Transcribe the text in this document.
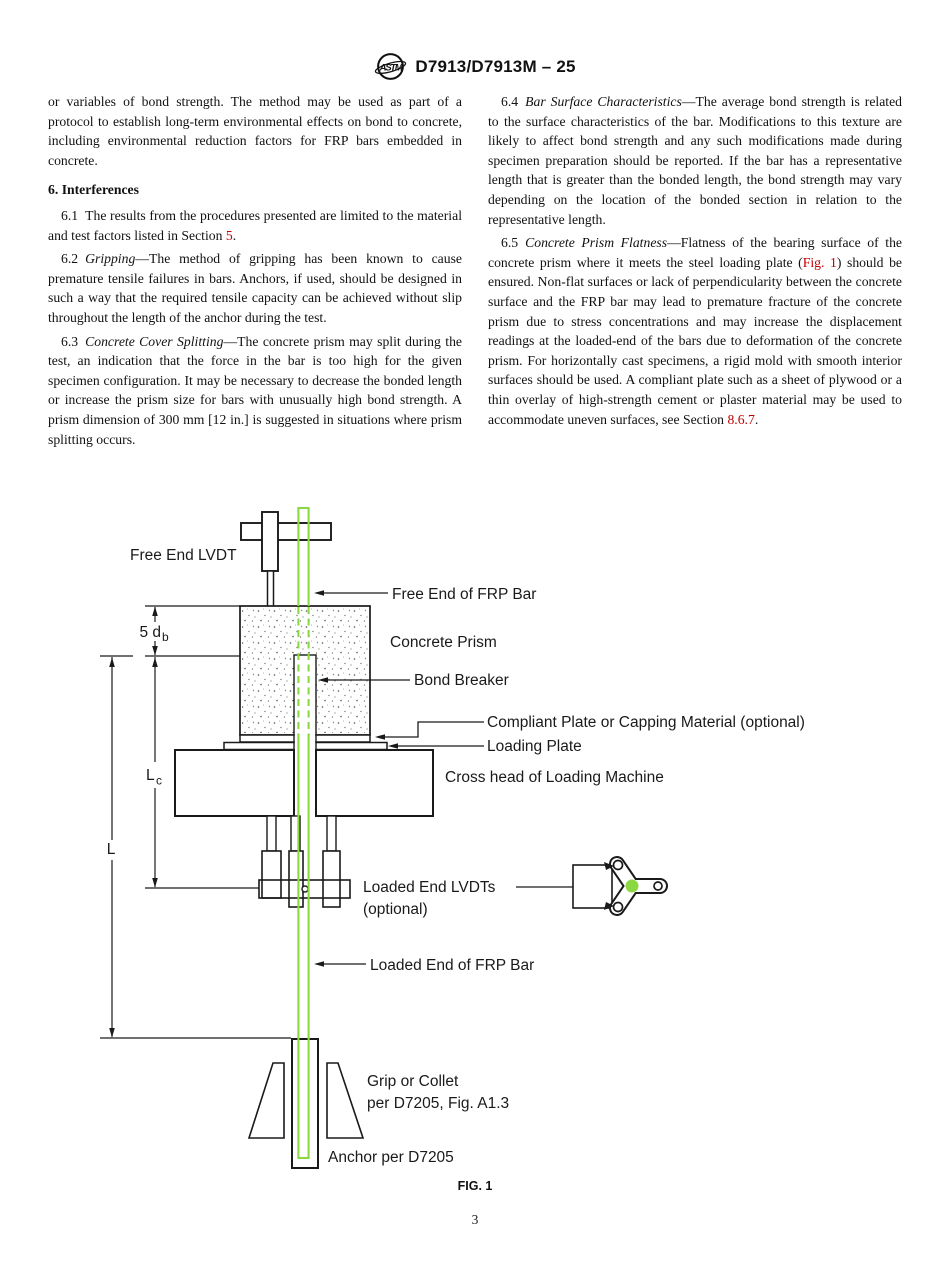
ASTM D7913/D7913M – 25

or variables of bond strength. The method may be used as part of a protocol to establish long-term environmental effects on bond to concrete, including environmental reduction factors for FRP bars embedded in concrete.

6. Interferences

6.1 The results from the procedures presented are limited to the material and test factors listed in Section 5.

6.2 Gripping—The method of gripping has been known to cause premature tensile failures in bars. Anchors, if used, should be designed in such a way that the required tensile capacity can be achieved without slip throughout the length of the anchor during the test.

6.3 Concrete Cover Splitting—The concrete prism may split during the test, an indication that the force in the bar is too high for the given specimen configuration. It may be necessary to decrease the bonded length or increase the prism size for bars with unusually high bond strength. A prism dimension of 300 mm [12 in.] is suggested in situations where prism splitting occurs.

6.4 Bar Surface Characteristics—The average bond strength is related to the surface characteristics of the bar. Modifications to this texture are likely to affect bond strength and any such modifications made during specimen preparation should be reported. If the bar has a representative length that is greater than the bonded length, the bond strength may vary depending on the location of the bonded section in relation to the representative length.

6.5 Concrete Prism Flatness—Flatness of the bearing surface of the concrete prism where it meets the steel loading plate (Fig. 1) should be ensured. Non-flat surfaces or lack of perpendicularity between the concrete surface and the FRP bar may lead to premature fracture of the concrete prism due to stress concentrations and may increase the displacement readings at the loaded-end of the bars due to deformation of the concrete prism. For horizontally cast specimens, a rigid mold with smooth interior surfaces should be used. A compliant plate such as a sheet of plywood or a thin overlay of high-strength cement or plaster material may be used to accommodate uneven surfaces, see Section 8.6.7.

5 d b
L c
L
Free End LVDT
Free End of FRP Bar
Concrete Prism
Bond Breaker
Compliant Plate or Capping Material (optional)
Loading Plate
Cross head of Loading Machine
Loaded End LVDTs
(optional)
Loaded End of FRP Bar
Grip or Collet
per D7205, Fig. A1.3
Anchor per D7205
FIG. 1
3
